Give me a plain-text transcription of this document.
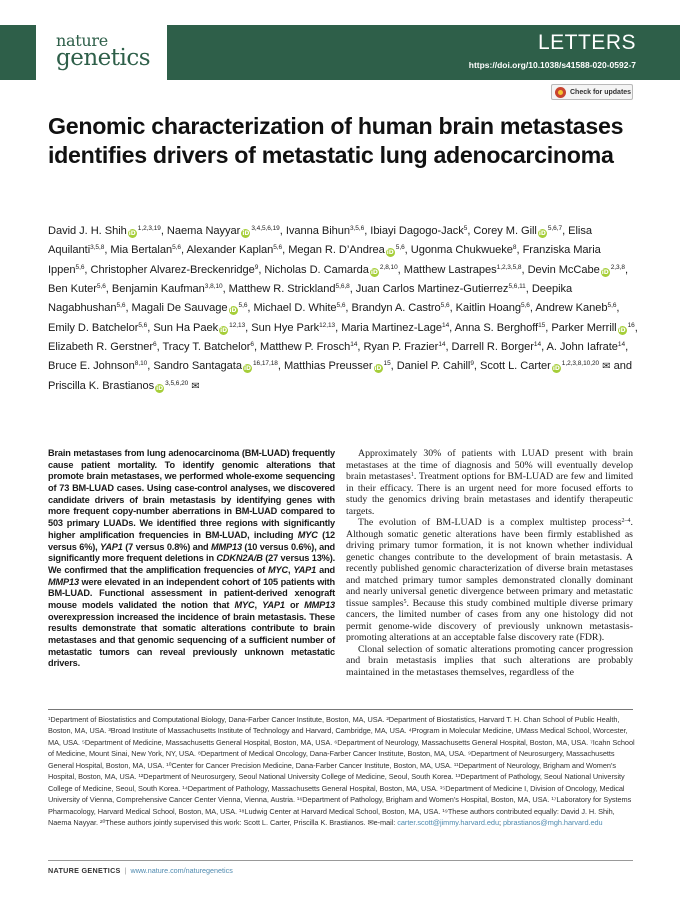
nature
genetics
LETTERS
https://doi.org/10.1038/s41588-020-0592-7
Check for updates
Genomic characterization of human brain metastases identifies drivers of metastatic lung adenocarcinoma
David J. H. Shih iD$^{1,2,3,19}$, Naema Nayyar iD$^{3,4,5,6,19}$, Ivanna Bihun$^{3,5,6}$, Ibiayi Dagogo-Jack$^5$, Corey M. Gill iD$^{5,6,7}$, Elisa Aquilanti$^{3,5,8}$, Mia Bertalan$^{5,6}$, Alexander Kaplan$^{5,6}$, Megan R. D’Andrea iD$^{5,6}$, Ugonma Chukwueke$^8$, Franziska Maria Ippen$^{5,6}$, Christopher Alvarez-Breckenridge$^9$, Nicholas D. Camarda iD$^{2,8,10}$, Matthew Lastrapes$^{1,2,3,5,8}$, Devin McCabe iD$^{2,3,8}$, Ben Kuter$^{5,6}$, Benjamin Kaufman$^{3,8,10}$, Matthew R. Strickland$^{5,6,8}$, Juan Carlos Martinez-Gutierrez$^{5,6,11}$, Deepika Nagabhushan$^{5,6}$, Magali De Sauvage iD$^{5,6}$, Michael D. White$^{5,6}$, Brandyn A. Castro$^{5,6}$, Kaitlin Hoang$^{5,6}$, Andrew Kaneb$^{5,6}$, Emily D. Batchelor$^{5,6}$, Sun Ha Paek iD$^{12,13}$, Sun Hye Park$^{12,13}$, Maria Martinez-Lage$^{14}$, Anna S. Berghoff$^{15}$, Parker Merrill $iD^{16}$, Elizabeth R. Gerstner$^6$, Tracy T. Batchelor$^6$, Matthew P. Frosch$^{14}$, Ryan P. Frazier$^{14}$, Darrell R. Borger$^{14}$, A. John Iafrate$^{14}$, Bruce E. Johnson$^{8,10}$, Sandro Santagata iD$^{16,17,18}$, Matthias Preusser $iD^{15}$, Daniel P. Cahill$^9$, Scott L. Carter iD$^{1,2,3,8,10,20}$ ✉ and Priscilla K. Brastianos iD$^{3,5,6,20}$ ✉
Brain metastases from lung adenocarcinoma (BM-LUAD) frequently cause patient mortality. To identify genomic alterations that promote brain metastases, we performed whole-exome sequencing of 73 BM-LUAD cases. Using case-control analyses, we discovered candidate drivers of brain metastasis by identifying genes with more frequent copy-number aberrations in BM-LUAD compared to 503 primary LUADs. We identified three regions with significantly higher amplification frequencies in BM-LUAD, including MYC (12 versus 6%), YAP1 (7 versus 0.8%) and MMP13 (10 versus 0.6%), and significantly more frequent deletions in CDKN2A/B (27 versus 13%). We confirmed that the amplification frequencies of MYC, YAP1 and MMP13 were elevated in an independent cohort of 105 patients with BM-LUAD. Functional assessment in patient-derived xenograft mouse models validated the notion that MYC, YAP1 or MMP13 overexpression increased the incidence of brain metastasis. These results demonstrate that somatic alterations contribute to brain metastases and that genomic sequencing of a sufficient number of metastatic tumors can reveal previously unknown metastatic drivers.

Approximately 30% of patients with LUAD present with brain metastases at the time of diagnosis and 50% will eventually develop brain metastases$^1$. Treatment options for BM-LUAD are few and limited in their efficacy. There is an urgent need for more focused efforts to study the genomics driving brain metastases and identify therapeutic targets.

The evolution of BM-LUAD is a complex multistep process$^{2-4}$. Although somatic genetic alterations have been firmly established as driving primary tumor formation, it is not known whether individual genetic changes contribute to the development of brain metastasis. A recently published genomic characterization of diverse brain metastases and matched primary tumor samples demonstrated clonally dominant and nearly universal genetic divergence between primary and metastatic tissue samples$^5$. Because this study combined multiple diverse primary cancers, the limited number of cases from any one histology did not permit genome-wide discovery of previously unknown metastasis-promoting alterations at an acceptable false discovery rate (FDR).

Clonal selection of somatic alterations promoting cancer progression and brain metastasis implies that such alterations are probably maintained in the metastases themselves, regardless of the

¹Department of Biostatistics and Computational Biology, Dana-Farber Cancer Institute, Boston, MA, USA. ²Department of Biostatistics, Harvard T. H. Chan School of Public Health, Boston, MA, USA. ³Broad Institute of Massachusetts Institute of Technology and Harvard, Cambridge, MA, USA. ⁴Program in Molecular Medicine, UMass Medical School, Worcester, MA, USA. ⁵Department of Medicine, Massachusetts General Hospital, Boston, MA, USA. ⁶Department of Neurology, Massachusetts General Hospital, Boston, MA, USA. ⁷Icahn School of Medicine, Mount Sinai, New York, NY, USA. ⁸Department of Medical Oncology, Dana-Farber Cancer Institute, Boston, MA, USA. ⁹Department of Neurosurgery, Massachusetts General Hospital, Boston, MA, USA. ¹⁰Center for Cancer Precision Medicine, Dana-Farber Cancer Institute, Boston, MA, USA. ¹¹Department of Neurology, Brigham and Women’s Hospital, Boston, MA, USA. ¹²Department of Neurosurgery, Seoul National University College of Medicine, Seoul, South Korea. ¹³Department of Pathology, Seoul National University College of Medicine, Seoul, South Korea. ¹⁴Department of Pathology, Massachusetts General Hospital, Boston, MA, USA. ¹⁵Department of Medicine I, Division of Oncology, Medical University of Vienna, Comprehensive Cancer Center Vienna, Vienna, Austria. ¹⁶Department of Pathology, Brigham and Women’s Hospital, Boston, MA, USA. ¹⁷Laboratory for Systems Pharmacology, Harvard Medical School, Boston, MA, USA. ¹⁸Ludwig Center at Harvard Medical School, Boston, MA, USA. ¹⁹These authors contributed equally: David J. H. Shih, Naema Nayyar. ²⁰These authors jointly supervised this work: Scott L. Carter, Priscilla K. Brastianos. ✉e-mail: carter.scott@jimmy.harvard.edu; pbrastianos@mgh.harvard.edu
NATURE GENETICS | www.nature.com/naturegenetics
